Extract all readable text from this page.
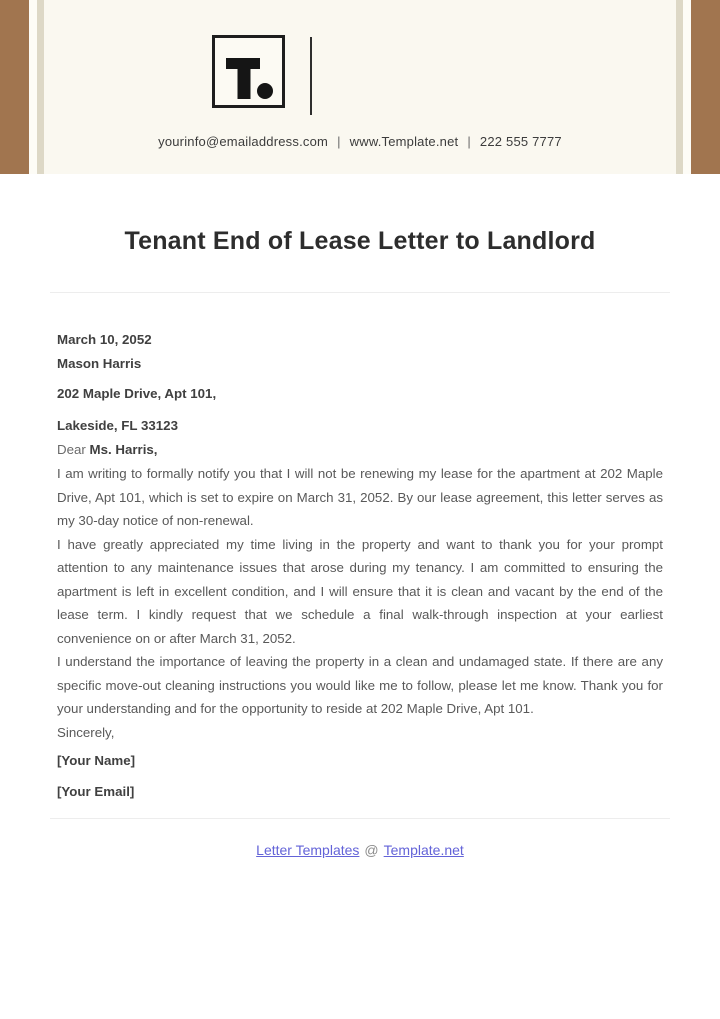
yourinfo@emailaddress.com | www.Template.net | 222 555 7777
Tenant End of Lease Letter to Landlord

March 10, 2052

Mason Harris

202 Maple Drive, Apt 101,

Lakeside, FL 33123

Dear Ms. Harris,

I am writing to formally notify you that I will not be renewing my lease for the apartment at 202 Maple Drive, Apt 101, which is set to expire on March 31, 2052. By our lease agreement, this letter serves as my 30-day notice of non-renewal.

I have greatly appreciated my time living in the property and want to thank you for your prompt attention to any maintenance issues that arose during my tenancy. I am committed to ensuring the apartment is left in excellent condition, and I will ensure that it is clean and vacant by the end of the lease term. I kindly request that we schedule a final walk-through inspection at your earliest convenience on or after March 31, 2052.

I understand the importance of leaving the property in a clean and undamaged state. If there are any specific move-out cleaning instructions you would like me to follow, please let me know. Thank you for your understanding and for the opportunity to reside at 202 Maple Drive, Apt 101.

Sincerely,

[Your Name]

[Your Email]

Letter Templates @ Template.net
